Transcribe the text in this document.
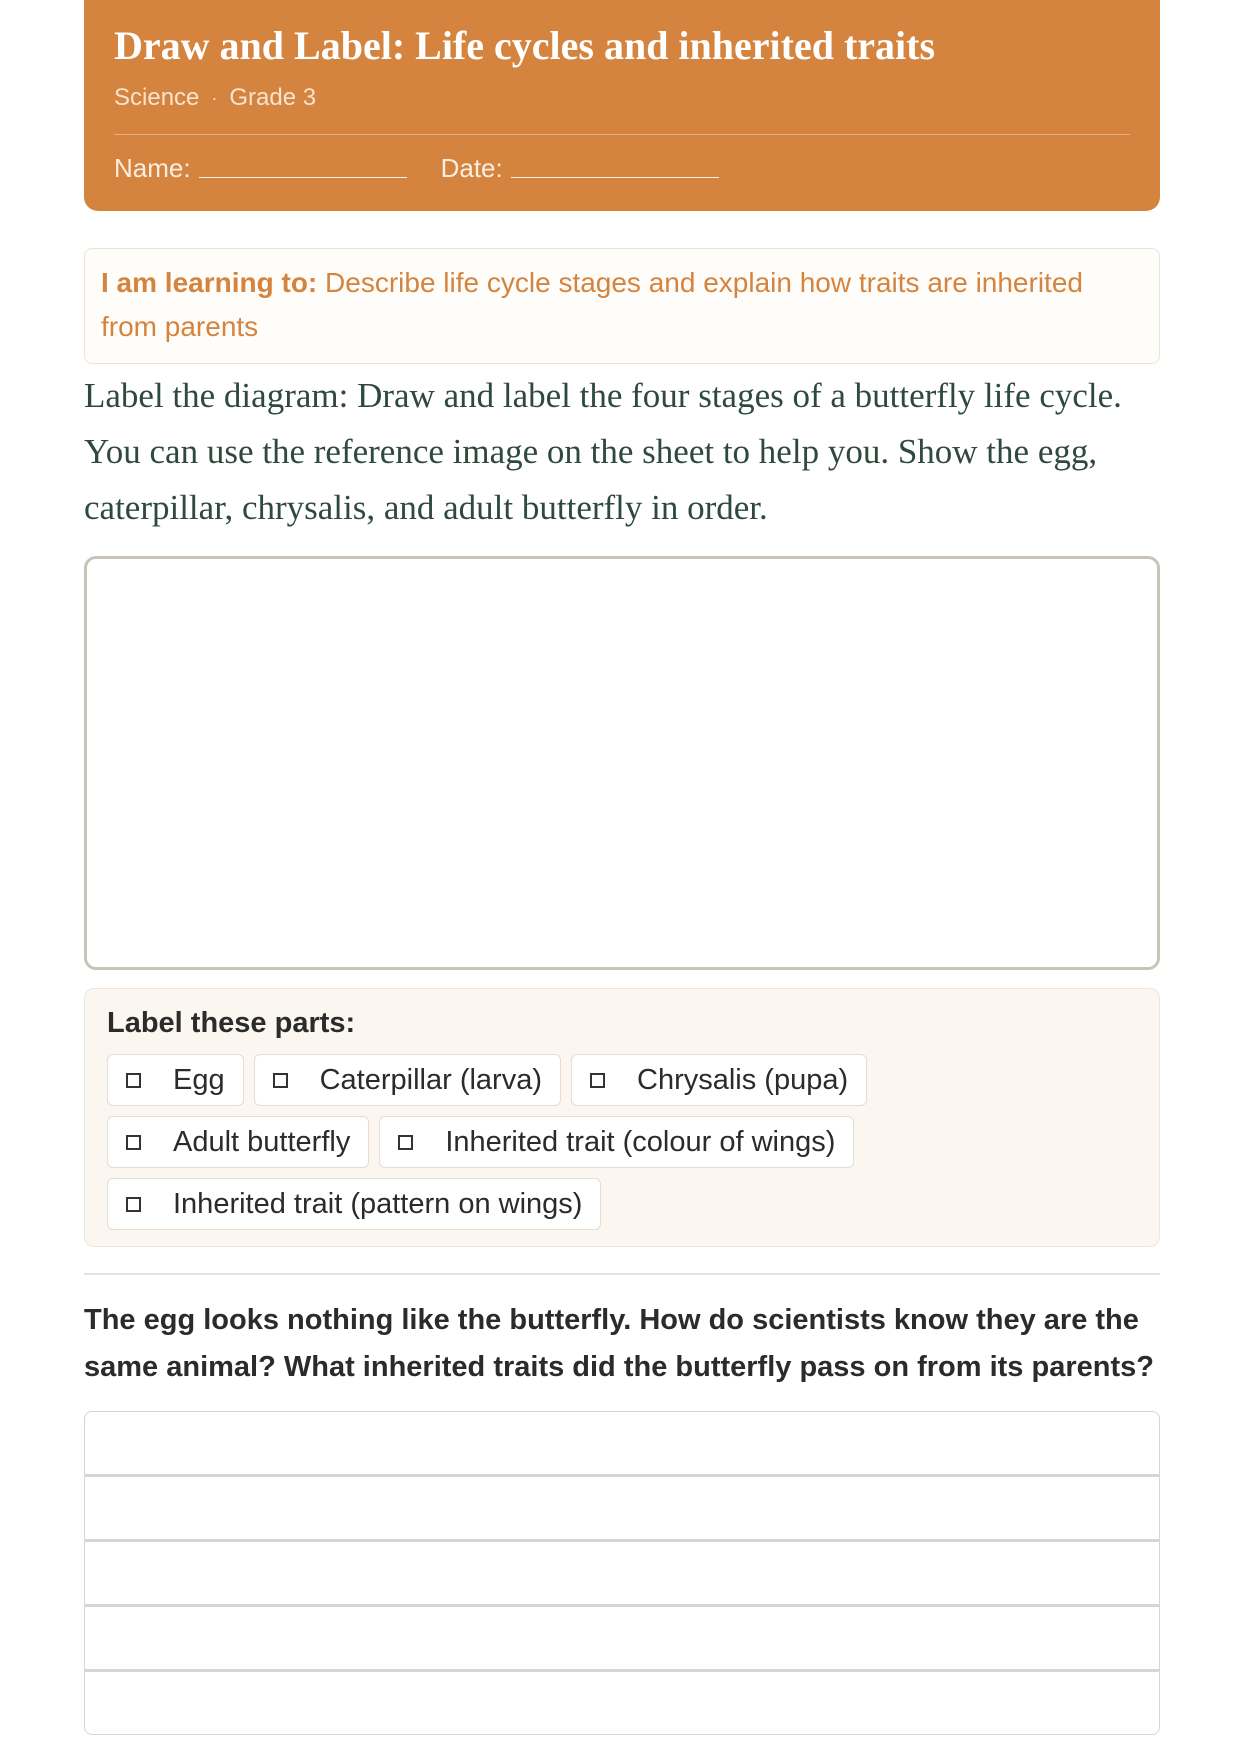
Draw and Label: Life cycles and inherited traits
Science · Grade 3
Name:	Date:
I am learning to: Describe life cycle stages and explain how traits are inherited from parents
Label the diagram: Draw and label the four stages of a butterfly life cycle. You can use the reference image on the sheet to help you. Show the egg, caterpillar, chrysalis, and adult butterfly in order.
Label these parts:
Egg	Caterpillar (larva)	Chrysalis (pupa)
Adult butterfly	Inherited trait (colour of wings)
Inherited trait (pattern on wings)
The egg looks nothing like the butterfly. How do scientists know they are the same animal? What inherited traits did the butterfly pass on from its parents?
